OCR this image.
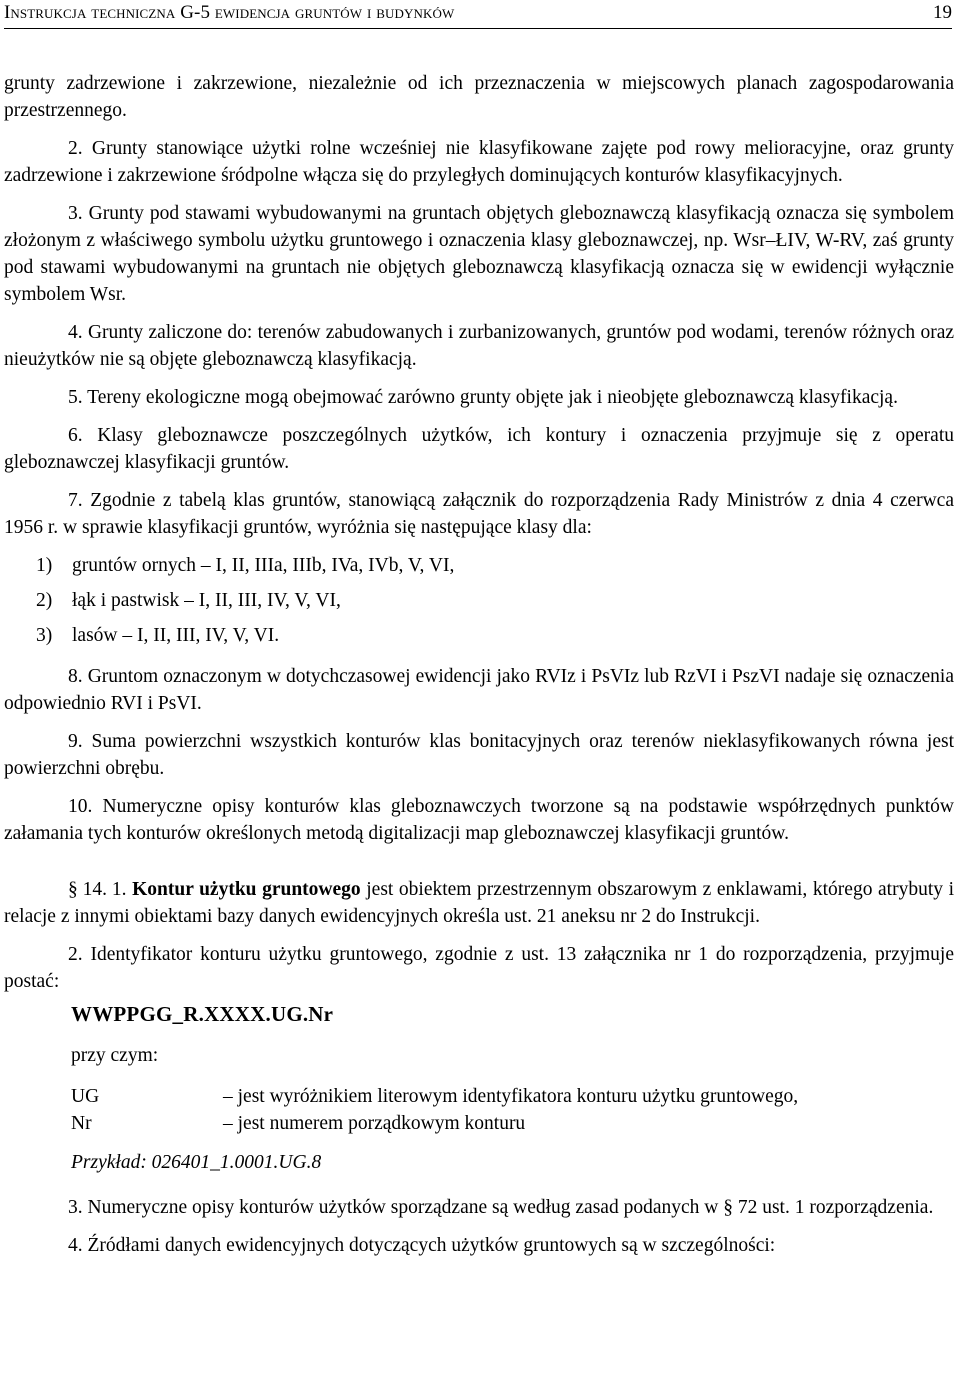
Instrukcja techniczna G-5 ewidencja gruntów i budynków	19

grunty zadrzewione i zakrzewione, niezależnie od ich przeznaczenia w miejscowych planach zagospodarowania przestrzennego.

2. Grunty stanowiące użytki rolne wcześniej nie klasyfikowane zajęte pod rowy melioracyjne, oraz grunty zadrzewione i zakrzewione śródpolne włącza się do przyległych dominujących konturów klasyfikacyjnych.

3. Grunty pod stawami wybudowanymi na gruntach objętych gleboznawczą klasyfikacją oznacza się symbolem złożonym z właściwego symbolu użytku gruntowego i oznaczenia klasy gleboznawczej, np. Wsr–ŁIV, W-RV, zaś grunty pod stawami wybudowanymi na gruntach nie objętych gleboznawczą klasyfikacją oznacza się w ewidencji wyłącznie symbolem Wsr.

4. Grunty zaliczone do: terenów zabudowanych i zurbanizowanych, gruntów pod wodami, terenów różnych oraz nieużytków nie są objęte gleboznawczą klasyfikacją.

5. Tereny ekologiczne mogą obejmować zarówno grunty objęte jak i nieobjęte gleboznawczą klasyfikacją.

6. Klasy gleboznawcze poszczególnych użytków, ich kontury i oznaczenia przyjmuje się z operatu gleboznawczej klasyfikacji gruntów.

7. Zgodnie z tabelą klas gruntów, stanowiącą załącznik do rozporządzenia Rady Ministrów z dnia 4 czerwca 1956 r. w sprawie klasyfikacji gruntów, wyróżnia się następujące klasy dla:

1)	gruntów ornych – I, II, IIIa, IIIb, IVa, IVb, V, VI,
2)	łąk i pastwisk – I, II, III, IV, V, VI,
3)	lasów – I, II, III, IV, V, VI.

8. Gruntom oznaczonym w dotychczasowej ewidencji jako RVIz i PsVIz lub RzVI i PszVI nadaje się oznaczenia odpowiednio RVI i PsVI.

9. Suma powierzchni wszystkich konturów klas bonitacyjnych oraz terenów nieklasyfikowanych równa jest powierzchni obrębu.

10. Numeryczne opisy konturów klas gleboznawczych tworzone są na podstawie współrzędnych punktów załamania tych konturów określonych metodą digitalizacji map gleboznawczej klasyfikacji gruntów.

§ 14. 1. Kontur użytku gruntowego jest obiektem przestrzennym obszarowym z enklawami, którego atrybuty i relacje z innymi obiektami bazy danych ewidencyjnych określa ust. 21 aneksu nr 2 do Instrukcji.

2. Identyfikator konturu użytku gruntowego, zgodnie z ust. 13 załącznika nr 1 do rozporządzenia, przyjmuje postać:

WWPPGG_R.XXXX.UG.Nr
przy czym:
UG	– jest wyróżnikiem literowym identyfikatora konturu użytku gruntowego,
Nr	– jest numerem porządkowym konturu
Przykład: 026401_1.0001.UG.8

3. Numeryczne opisy konturów użytków sporządzane są według zasad podanych w § 72 ust. 1 rozporządzenia.

4. Źródłami danych ewidencyjnych dotyczących użytków gruntowych są w szczególności:
